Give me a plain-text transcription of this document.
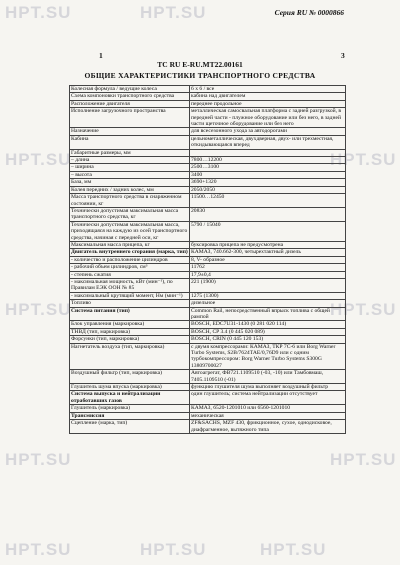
HPT.SU	HPT.SU
HPT.SU	HPT.SU
HPT.SU	HPT.SU
HPT.SU	HPT.SU
HPT.SU	HPT.SU	HPT.SU
Серия RU № 0000866
1	3
ТС RU E-RU.MT22.00161
ОБЩИЕ ХАРАКТЕРИСТИКИ ТРАНСПОРТНОГО СРЕДСТВА
Колесная формула / ведущие колеса	6 x 6 / все
Схема компоновки транспортного средства	кабина над двигателем
Расположение двигателя	переднее продольное
Исполнение загрузочного пространства	металлическая самосвальная платформа с задней разгрузкой, в передней части - плужное оборудование или без него, в задней части щеточное оборудование или без него
Назначение	для всесезонного ухода за автодорогами
Кабина	цельнометаллическая, двухдверная, двух- или трехместная, откидывающаяся вперед
Габаритные размеры, мм	
– длина	7800…12200
– ширина	2500…3100
– высота	3400
База, мм	3690+1320
Колея передних / задних колес, мм	2050/2050
Масса транспортного средства в снаряженном состоянии, кг	11500…12450
Технически допустимая максимальная масса транспортного средства, кг	20830
Технически допустимая максимальная масса, приходящаяся на каждую из осей транспортного средства, начиная с передней оси, кг	5790 / 15040
Максимальная масса прицепа, кг	буксировка прицепа не предусмотрена
Двигатель внутреннего сгорания (марка, тип)	КАМАЗ, 740.662-300, четырехтактный дизель
- количество и расположение цилиндров	8, V- образное
- рабочий объем цилиндров, см³	11762
- степень сжатия	17,9±0,4
- максимальная мощность, кВт (мин⁻¹), по Правилам ЕЭК ООН № 85	221 (1900)
- максимальный крутящий момент, Нм (мин⁻¹)	1275 (1300)
Топливо	дизельное
Система питания (тип)	Common Rail, непосредственный впрыск топлива с общей рампой
Блок управления (маркировка)	BOSCH, EDC7U31-1430 (0 281 020 114)
ТНВД (тип, маркировка)	BOSCH, CP 3.4 (0 445 020 089)
Форсунки (тип, маркировка)	BOSCH, CRIN (0 445 120 153)
Нагнетатель воздуха (тип, маркировка)	с двумя компрессорами: КАМАЗ, ТКР 7С-6 или Borg Warner Turbo Systems, S2B/7624ТАЕ/0,76D9 или с одним турбокомпрессором: Borg Warner Turbo Systems S300G 13809700027
Воздушный фильтр (тип, маркировка)	Автоагрегат, ФВ721.1109510 (-03, -10) или Тамбовмаш, 7405.1109510 (-01)
Глушитель шума впуска (маркировка)	функцию глушителя шума выполняет воздушный фильтр
Система выпуска и нейтрализации отработавших газов	один глушитель; система нейтрализации отсутствует
Глушитель (маркировка)	КАМАЗ, 6520-1201010 или 6560-1201010
Трансмиссия	механическая
Сцепление (марка, тип)	ZF&SACHS, MZF 430, фрикционное, сухое, однодисковое, диафрагменное, вытяжного типа
